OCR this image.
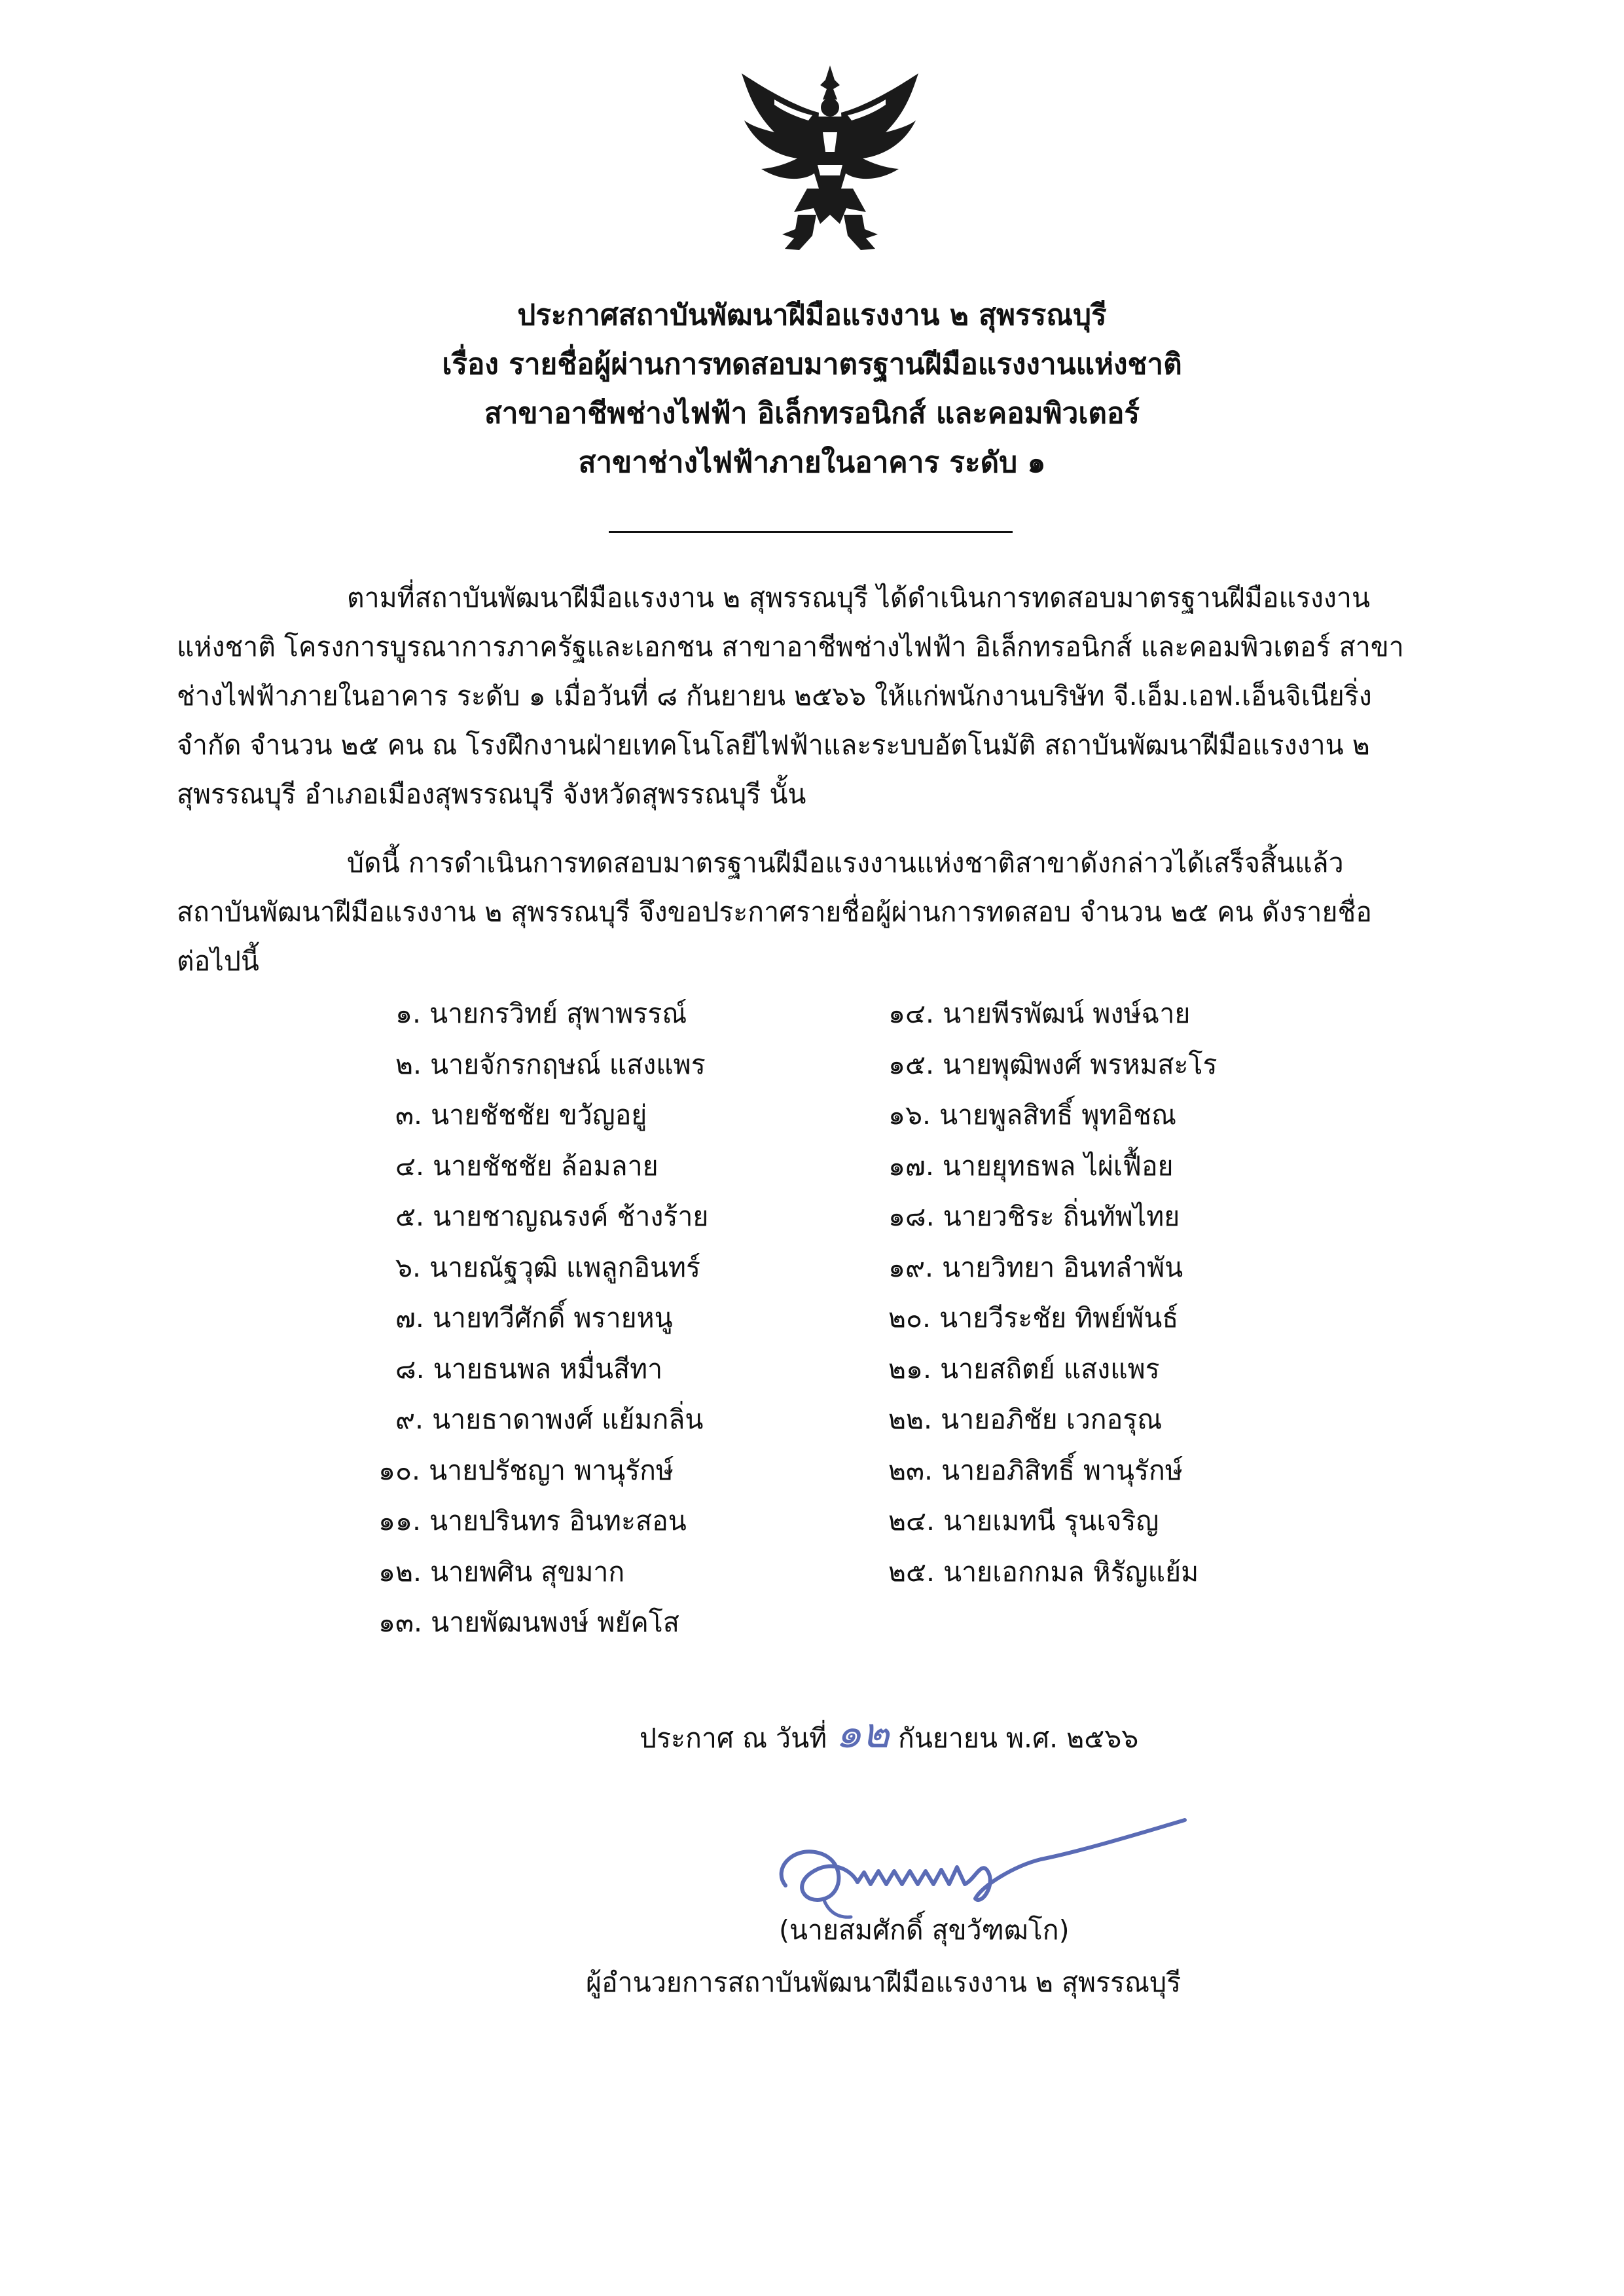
ประกาศสถาบันพัฒนาฝีมือแรงงาน ๒ สุพรรณบุรี
เรื่อง รายชื่อผู้ผ่านการทดสอบมาตรฐานฝีมือแรงงานแห่งชาติ
สาขาอาชีพช่างไฟฟ้า อิเล็กทรอนิกส์ และคอมพิวเตอร์
สาขาช่างไฟฟ้าภายในอาคาร ระดับ ๑
ตามที่สถาบันพัฒนาฝีมือแรงงาน ๒ สุพรรณบุรี ได้ดำเนินการทดสอบมาตรฐานฝีมือแรงงาน
แห่งชาติ โครงการบูรณาการภาครัฐและเอกชน สาขาอาชีพช่างไฟฟ้า อิเล็กทรอนิกส์ และคอมพิวเตอร์ สาขา
ช่างไฟฟ้าภายในอาคาร ระดับ ๑ เมื่อวันที่ ๘ กันยายน ๒๕๖๖ ให้แก่พนักงานบริษัท จี.เอ็ม.เอฟ.เอ็นจิเนียริ่ง
จำกัด จำนวน ๒๕ คน ณ โรงฝึกงานฝ่ายเทคโนโลยีไฟฟ้าและระบบอัตโนมัติ สถาบันพัฒนาฝีมือแรงงาน ๒
สุพรรณบุรี อำเภอเมืองสุพรรณบุรี จังหวัดสุพรรณบุรี นั้น
บัดนี้ การดำเนินการทดสอบมาตรฐานฝีมือแรงงานแห่งชาติสาขาดังกล่าวได้เสร็จสิ้นแล้ว
สถาบันพัฒนาฝีมือแรงงาน ๒ สุพรรณบุรี จึงขอประกาศรายชื่อผู้ผ่านการทดสอบ จำนวน ๒๕ คน ดังรายชื่อ
ต่อไปนี้
๑. นายกรวิทย์ สุพาพรรณ์
๒. นายจักรกฤษณ์ แสงแพร
๓. นายชัชชัย ขวัญอยู่
๔. นายชัชชัย ล้อมลาย
๕. นายชาญณรงค์ ช้างร้าย
๖. นายณัฐวุฒิ แพลูกอินทร์
๗. นายทวีศักดิ์ พรายหนู
๘. นายธนพล หมื่นสีทา
๙. นายธาดาพงศ์ แย้มกลิ่น
๑๐. นายปรัชญา พานุรักษ์
๑๑. นายปรินทร อินทะสอน
๑๒. นายพศิน สุขมาก
๑๓. นายพัฒนพงษ์ พยัคโส
๑๔. นายพีรพัฒน์ พงษ์ฉาย
๑๕. นายพุฒิพงศ์ พรหมสะโร
๑๖. นายพูลสิทธิ์ พุทอิชณ
๑๗. นายยุทธพล ไผ่เฟื้อย
๑๘. นายวชิระ ถิ่นทัพไทย
๑๙. นายวิทยา อินทลำพัน
๒๐. นายวีระชัย ทิพย์พันธ์
๒๑. นายสถิตย์ แสงแพร
๒๒. นายอภิชัย เวกอรุณ
๒๓. นายอภิสิทธิ์ พานุรักษ์
๒๔. นายเมทนี รุนเจริญ
๒๕. นายเอกกมล หิรัญแย้ม
ประกาศ ณ วันที่ ๑๒ กันยายน พ.ศ. ๒๕๖๖
(นายสมศักดิ์ สุขวัฑฒโก)
ผู้อำนวยการสถาบันพัฒนาฝีมือแรงงาน ๒ สุพรรณบุรี
